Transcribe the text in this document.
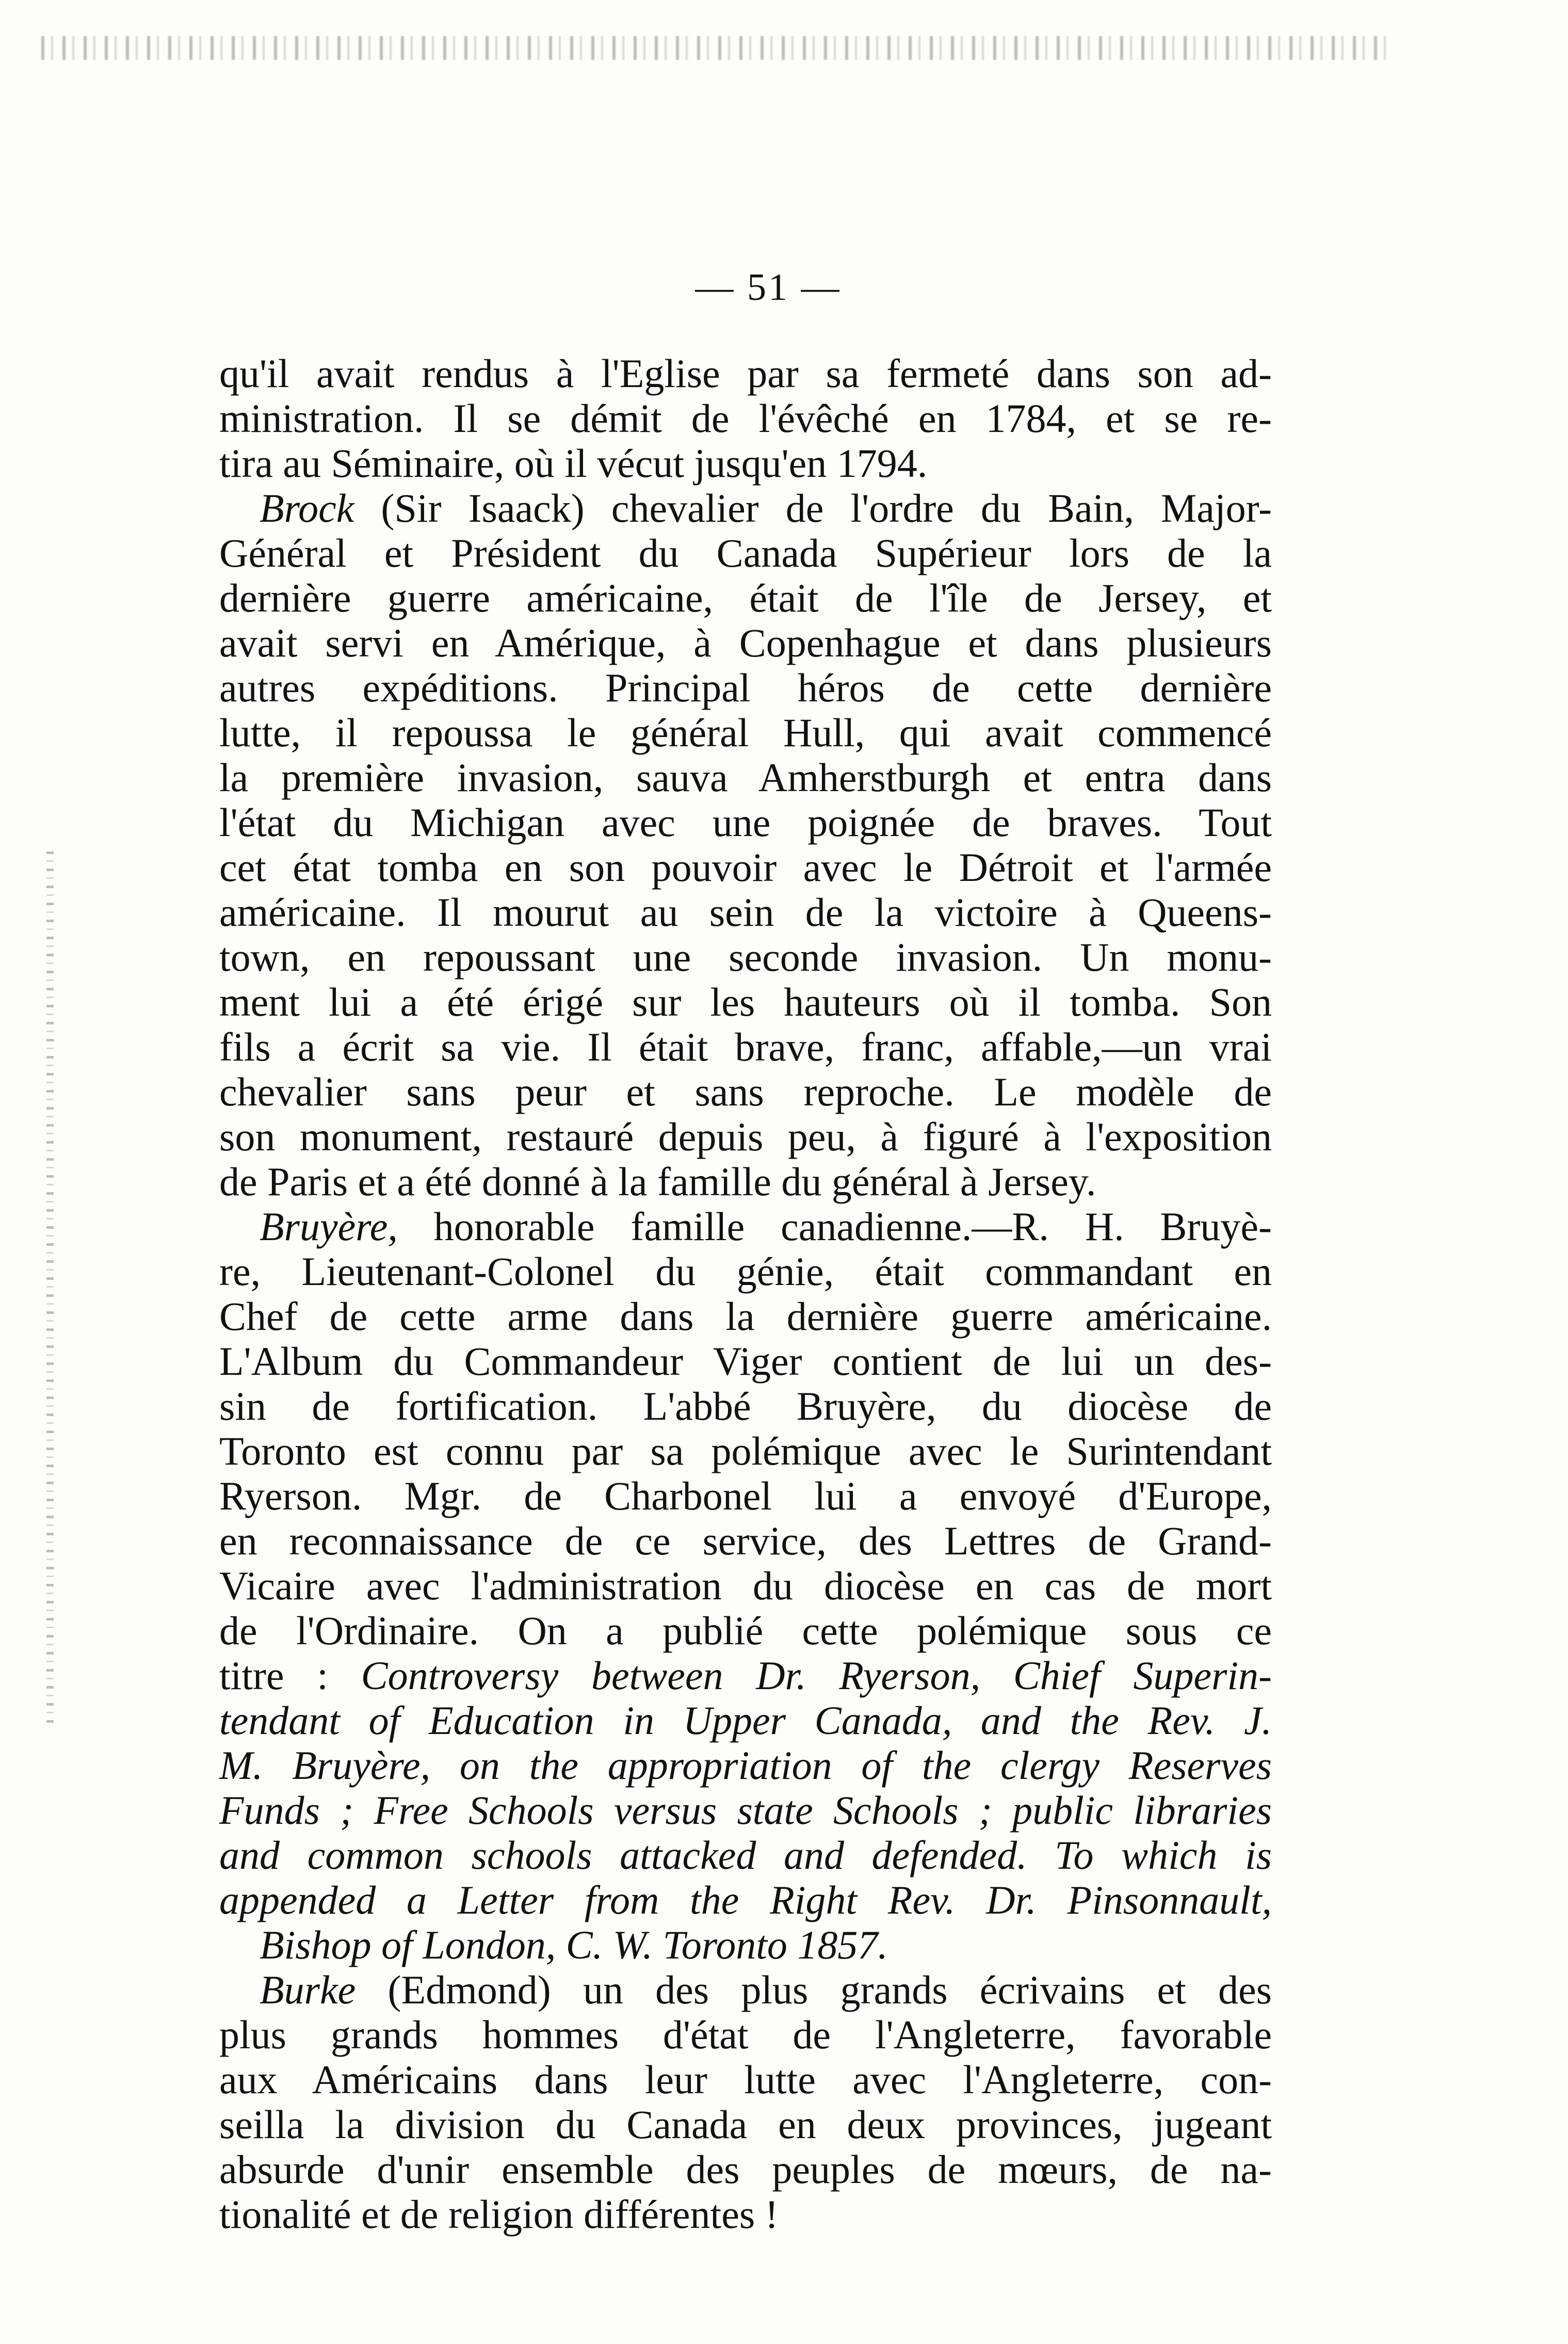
— 51 —
qu'il avait rendus à l'Eglise par sa fermeté dans son ad-
ministration. Il se démit de l'évêché en 1784, et se re-
tira au Séminaire, où il vécut jusqu'en 1794.
Brock (Sir Isaack) chevalier de l'ordre du Bain, Major-
Général et Président du Canada Supérieur lors de la
dernière guerre américaine, était de l'île de Jersey, et
avait servi en Amérique, à Copenhague et dans plusieurs
autres expéditions. Principal héros de cette dernière
lutte, il repoussa le général Hull, qui avait commencé
la première invasion, sauva Amherstburgh et entra dans
l'état du Michigan avec une poignée de braves. Tout
cet état tomba en son pouvoir avec le Détroit et l'armée
américaine. Il mourut au sein de la victoire à Queens-
town, en repoussant une seconde invasion. Un monu-
ment lui a été érigé sur les hauteurs où il tomba. Son
fils a écrit sa vie. Il était brave, franc, affable,—un vrai
chevalier sans peur et sans reproche. Le modèle de
son monument, restauré depuis peu, à figuré à l'exposition
de Paris et a été donné à la famille du général à Jersey.
Bruyère, honorable famille canadienne.—R. H. Bruyè-
re, Lieutenant-Colonel du génie, était commandant en
Chef de cette arme dans la dernière guerre américaine.
L'Album du Commandeur Viger contient de lui un des-
sin de fortification. L'abbé Bruyère, du diocèse de
Toronto est connu par sa polémique avec le Surintendant
Ryerson. Mgr. de Charbonel lui a envoyé d'Europe,
en reconnaissance de ce service, des Lettres de Grand-
Vicaire avec l'administration du diocèse en cas de mort
de l'Ordinaire. On a publié cette polémique sous ce
titre : Controversy between Dr. Ryerson, Chief Superin-
tendant of Education in Upper Canada, and the Rev. J.
M. Bruyère, on the appropriation of the clergy Reserves
Funds ; Free Schools versus state Schools ; public libraries
and common schools attacked and defended. To which is
appended a Letter from the Right Rev. Dr. Pinsonnault,
Bishop of London, C. W. Toronto 1857.
Burke (Edmond) un des plus grands écrivains et des
plus grands hommes d'état de l'Angleterre, favorable
aux Américains dans leur lutte avec l'Angleterre, con-
seilla la division du Canada en deux provinces, jugeant
absurde d'unir ensemble des peuples de mœurs, de na-
tionalité et de religion différentes !
